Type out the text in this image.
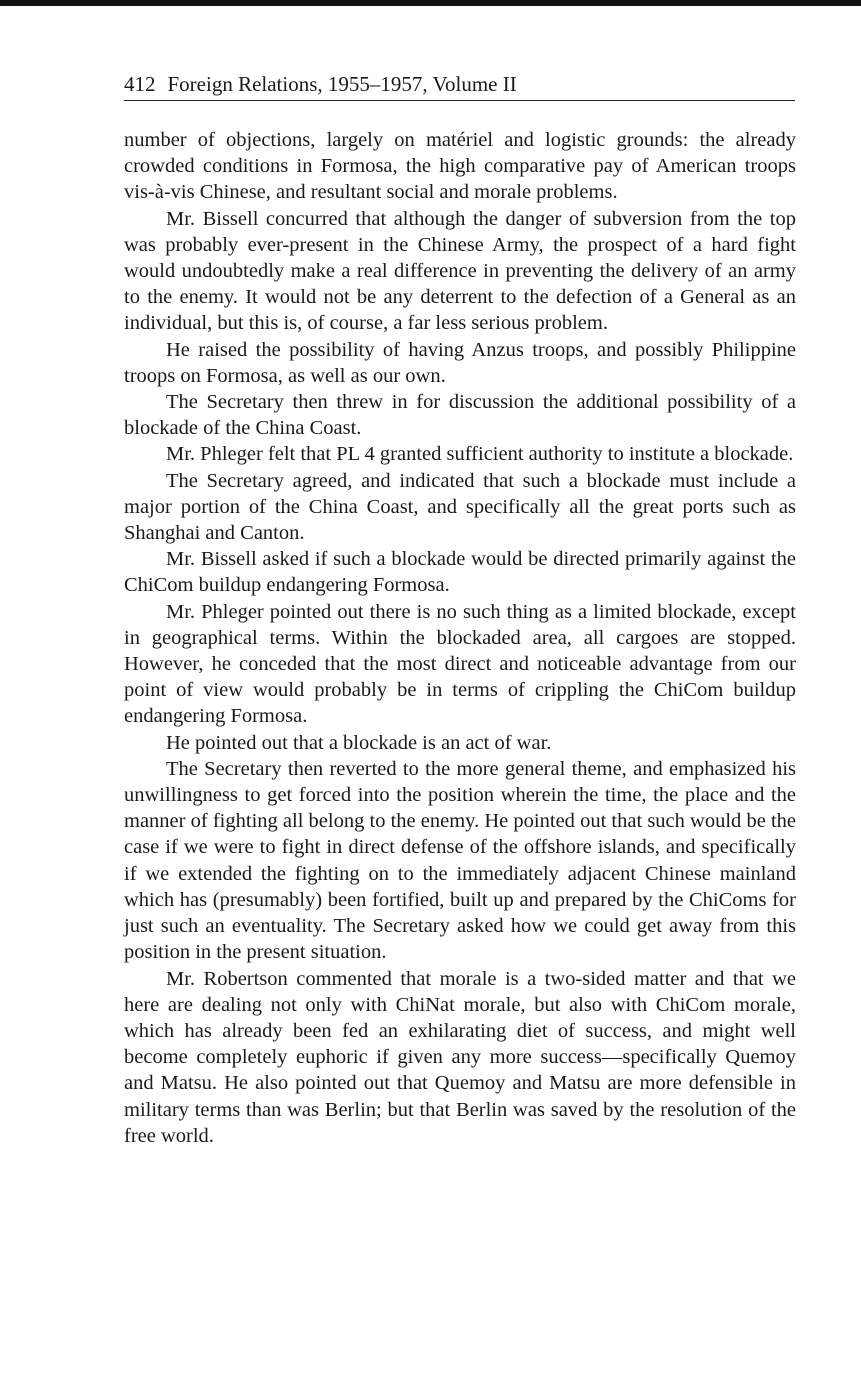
412 Foreign Relations, 1955–1957, Volume II

number of objections, largely on matériel and logistic grounds: the already crowded conditions in Formosa, the high comparative pay of American troops vis-à-vis Chinese, and resultant social and morale problems.

Mr. Bissell concurred that although the danger of subversion from the top was probably ever-present in the Chinese Army, the prospect of a hard fight would undoubtedly make a real difference in preventing the delivery of an army to the enemy. It would not be any deterrent to the defection of a General as an individual, but this is, of course, a far less serious problem.

He raised the possibility of having Anzus troops, and possibly Philippine troops on Formosa, as well as our own.

The Secretary then threw in for discussion the additional possibility of a blockade of the China Coast.

Mr. Phleger felt that PL 4 granted sufficient authority to institute a blockade.

The Secretary agreed, and indicated that such a blockade must include a major portion of the China Coast, and specifically all the great ports such as Shanghai and Canton.

Mr. Bissell asked if such a blockade would be directed primarily against the ChiCom buildup endangering Formosa.

Mr. Phleger pointed out there is no such thing as a limited blockade, except in geographical terms. Within the blockaded area, all cargoes are stopped. However, he conceded that the most direct and noticeable advantage from our point of view would probably be in terms of crippling the ChiCom buildup endangering Formosa.

He pointed out that a blockade is an act of war.

The Secretary then reverted to the more general theme, and emphasized his unwillingness to get forced into the position wherein the time, the place and the manner of fighting all belong to the enemy. He pointed out that such would be the case if we were to fight in direct defense of the offshore islands, and specifically if we extended the fighting on to the immediately adjacent Chinese mainland which has (presumably) been fortified, built up and prepared by the ChiComs for just such an eventuality. The Secretary asked how we could get away from this position in the present situation.

Mr. Robertson commented that morale is a two-sided matter and that we here are dealing not only with ChiNat morale, but also with ChiCom morale, which has already been fed an exhilarating diet of success, and might well become completely euphoric if given any more success—specifically Quemoy and Matsu. He also pointed out that Quemoy and Matsu are more defensible in military terms than was Berlin; but that Berlin was saved by the resolution of the free world.
